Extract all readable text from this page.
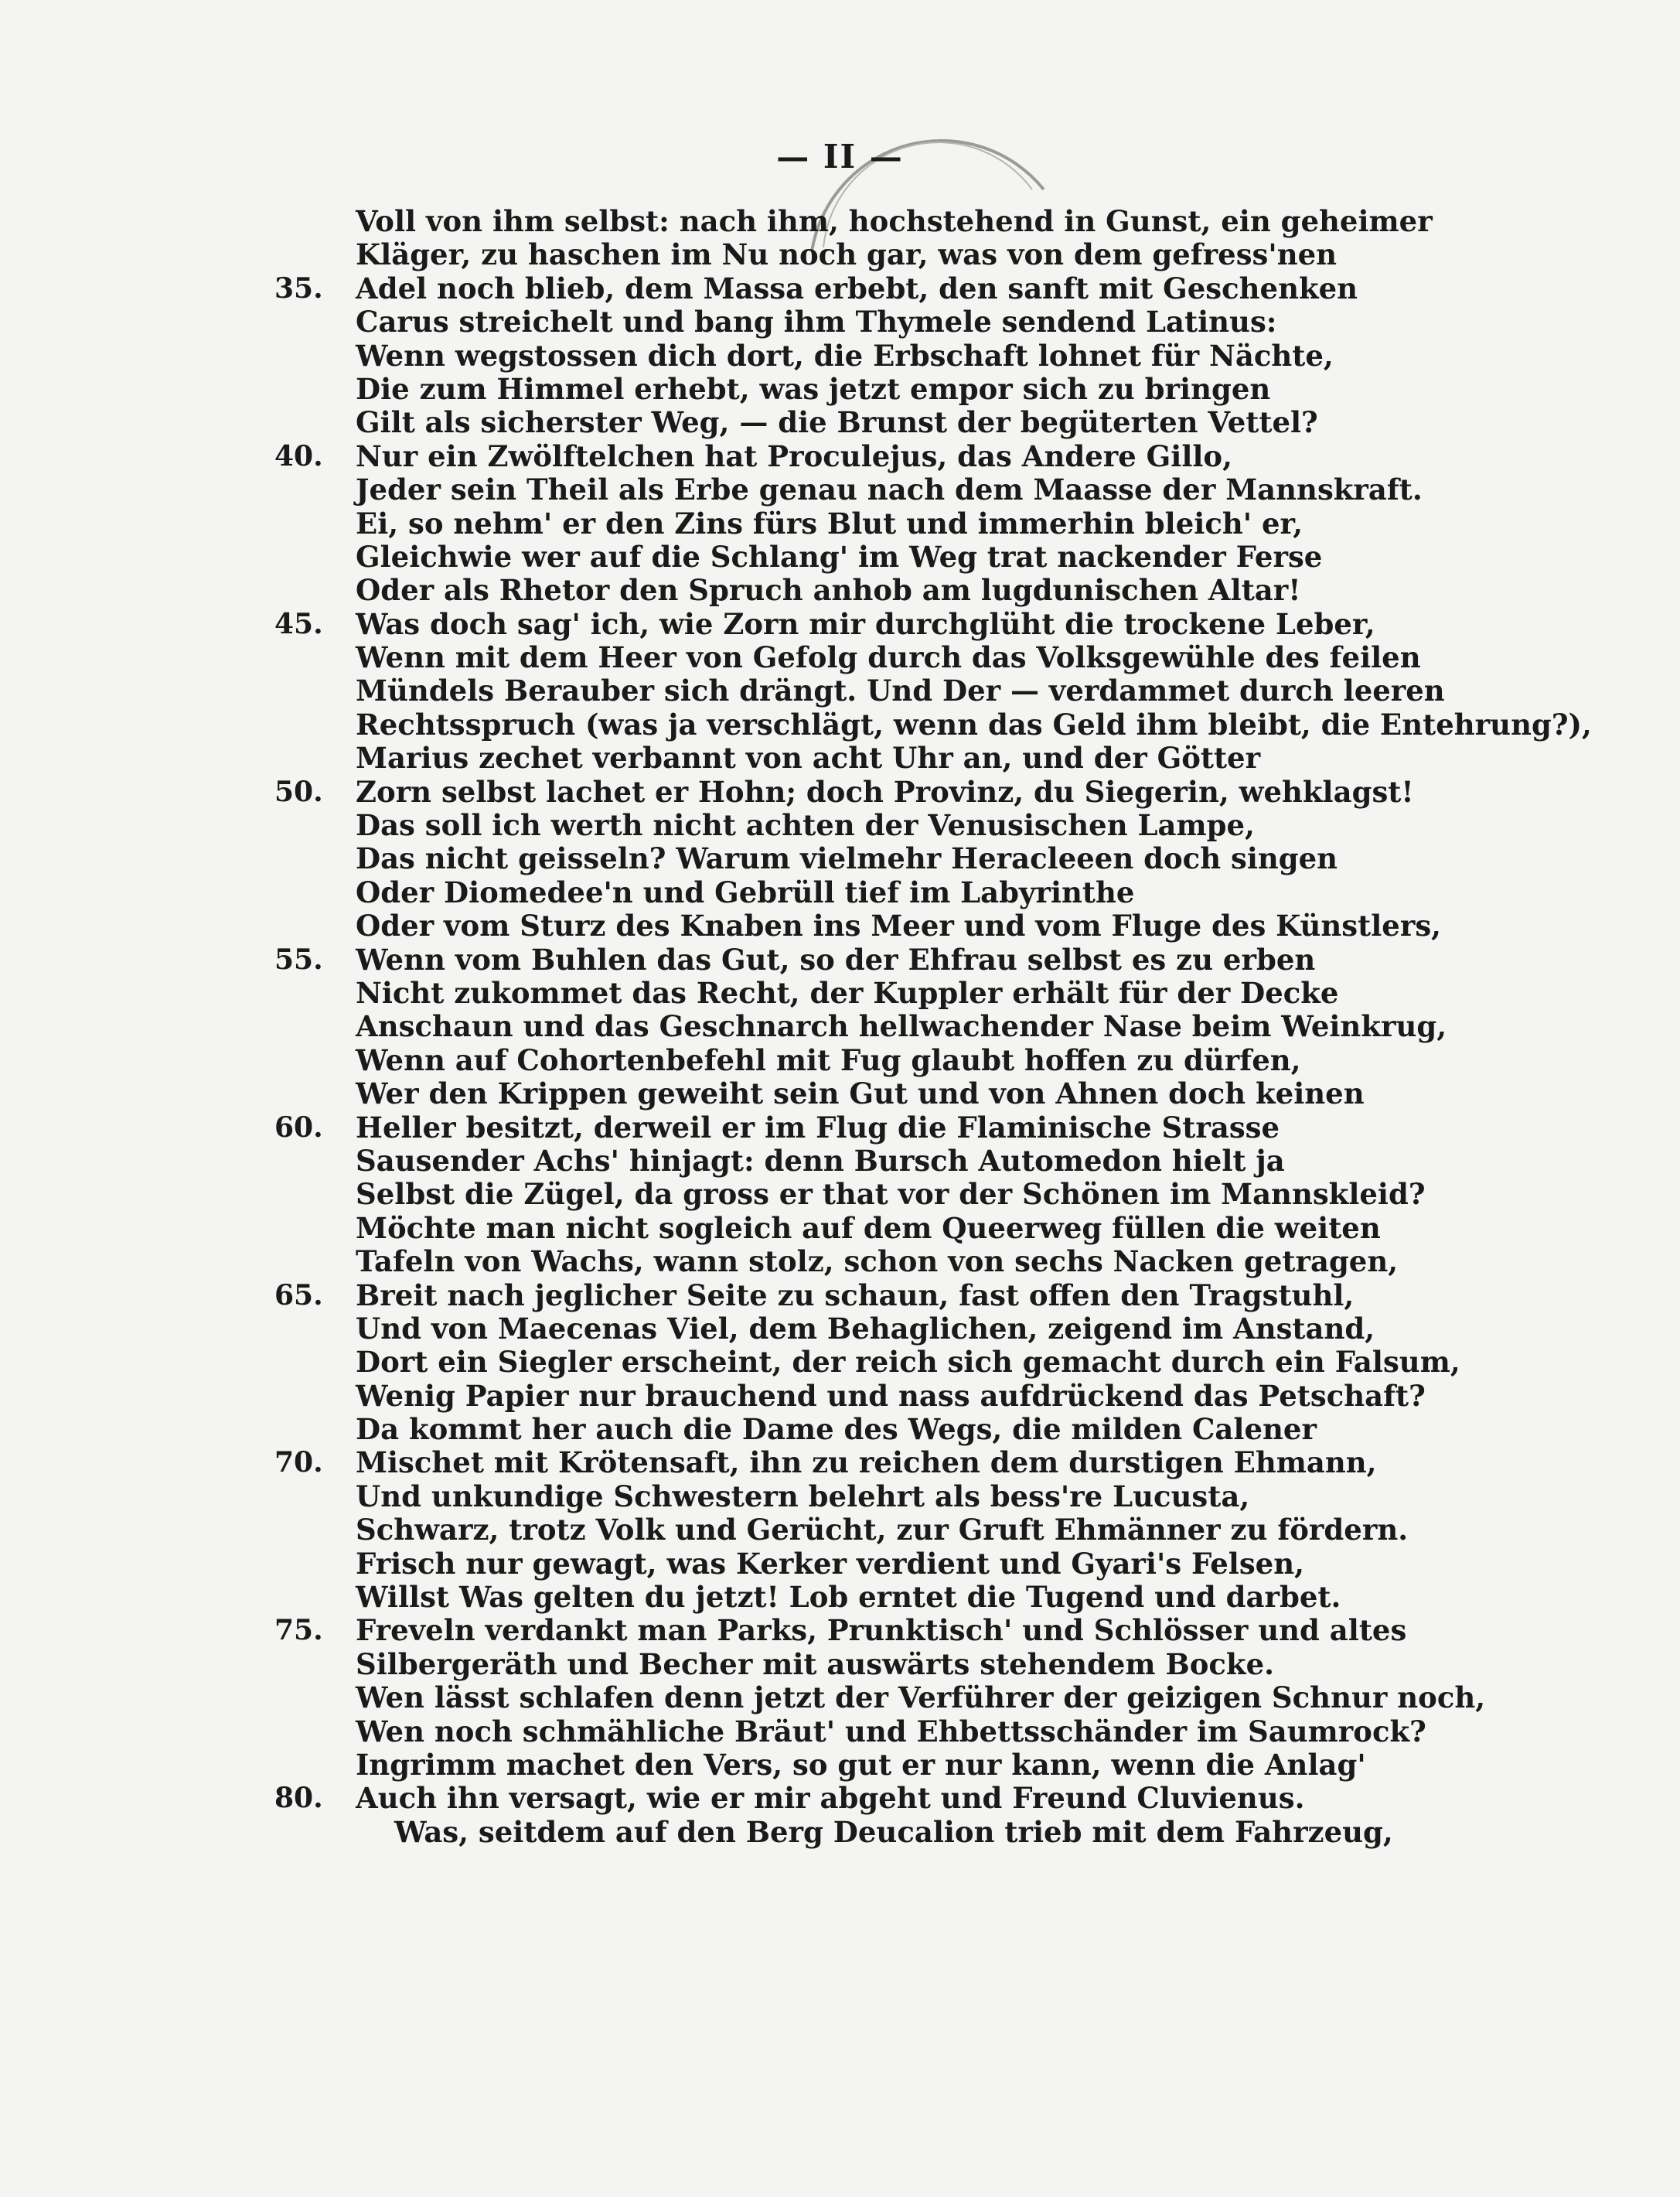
— II —
Voll von ihm selbst: nach ihm, hochstehend in Gunst, ein geheimer
Kläger, zu haschen im Nu noch gar, was von dem gefress'nen
35.	Adel noch blieb, dem Massa erbebt, den sanft mit Geschenken
Carus streichelt und bang ihm Thymele sendend Latinus:
Wenn wegstossen dich dort, die Erbschaft lohnet für Nächte,
Die zum Himmel erhebt, was jetzt empor sich zu bringen
Gilt als sicherster Weg, — die Brunst der begüterten Vettel?
40.	Nur ein Zwölftelchen hat Proculejus, das Andere Gillo,
Jeder sein Theil als Erbe genau nach dem Maasse der Mannskraft.
Ei, so nehm' er den Zins fürs Blut und immerhin bleich' er,
Gleichwie wer auf die Schlang' im Weg trat nackender Ferse
Oder als Rhetor den Spruch anhob am lugdunischen Altar!
45.	Was doch sag' ich, wie Zorn mir durchglüht die trockene Leber,
Wenn mit dem Heer von Gefolg durch das Volksgewühle des feilen
Mündels Berauber sich drängt. Und Der — verdammet durch leeren
Rechtsspruch (was ja verschlägt, wenn das Geld ihm bleibt, die Entehrung?),
Marius zechet verbannt von acht Uhr an, und der Götter
50.	Zorn selbst lachet er Hohn; doch Provinz, du Siegerin, wehklagst!
Das soll ich werth nicht achten der Venusischen Lampe,
Das nicht geisseln? Warum vielmehr Heracleeen doch singen
Oder Diomedee'n und Gebrüll tief im Labyrinthe
Oder vom Sturz des Knaben ins Meer und vom Fluge des Künstlers,
55.	Wenn vom Buhlen das Gut, so der Ehfrau selbst es zu erben
Nicht zukommet das Recht, der Kuppler erhält für der Decke
Anschaun und das Geschnarch hellwachender Nase beim Weinkrug,
Wenn auf Cohortenbefehl mit Fug glaubt hoffen zu dürfen,
Wer den Krippen geweiht sein Gut und von Ahnen doch keinen
60.	Heller besitzt, derweil er im Flug die Flaminische Strasse
Sausender Achs' hinjagt: denn Bursch Automedon hielt ja
Selbst die Zügel, da gross er that vor der Schönen im Mannskleid?
Möchte man nicht sogleich auf dem Queerweg füllen die weiten
Tafeln von Wachs, wann stolz, schon von sechs Nacken getragen,
65.	Breit nach jeglicher Seite zu schaun, fast offen den Tragstuhl,
Und von Maecenas Viel, dem Behaglichen, zeigend im Anstand,
Dort ein Siegler erscheint, der reich sich gemacht durch ein Falsum,
Wenig Papier nur brauchend und nass aufdrückend das Petschaft?
Da kommt her auch die Dame des Wegs, die milden Calener
70.	Mischet mit Krötensaft, ihn zu reichen dem durstigen Ehmann,
Und unkundige Schwestern belehrt als bess're Lucusta,
Schwarz, trotz Volk und Gerücht, zur Gruft Ehmänner zu fördern.
Frisch nur gewagt, was Kerker verdient und Gyari's Felsen,
Willst Was gelten du jetzt! Lob erntet die Tugend und darbet.
75.	Freveln verdankt man Parks, Prunktisch' und Schlösser und altes
Silbergeräth und Becher mit auswärts stehendem Bocke.
Wen lässt schlafen denn jetzt der Verführer der geizigen Schnur noch,
Wen noch schmähliche Bräut' und Ehbettsschänder im Saumrock?
Ingrimm machet den Vers, so gut er nur kann, wenn die Anlag'
80.	Auch ihn versagt, wie er mir abgeht und Freund Cluvienus.
Was, seitdem auf den Berg Deucalion trieb mit dem Fahrzeug,
